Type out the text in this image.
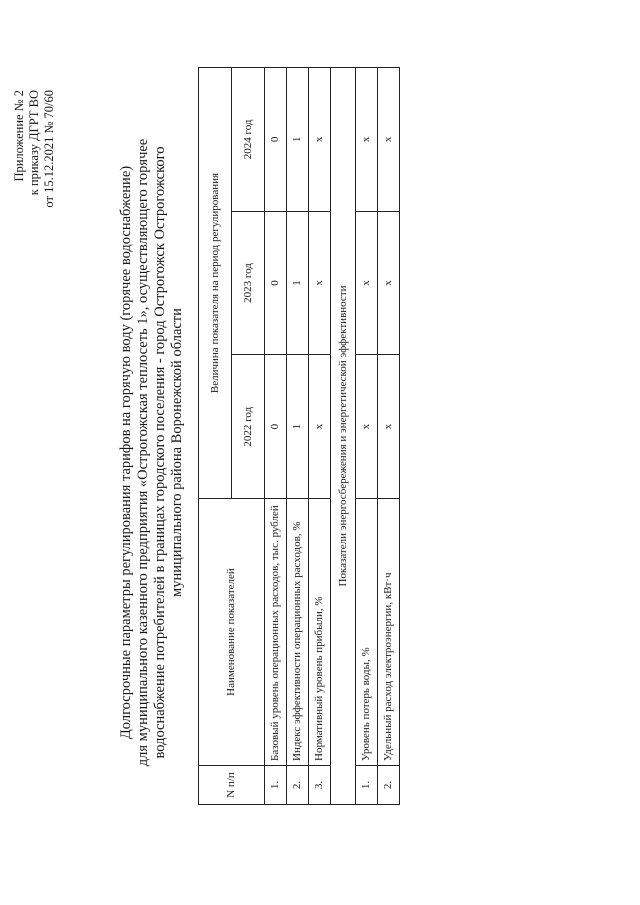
Приложение № 2 к приказу ДГРТ ВО от 15.12.2021 № 70/60
Долгосрочные параметры регулирования тарифов на горячую воду (горячее водоснабжение) для муниципального казенного предприятия «Острогожская теплосеть 1», осуществляющего горячее водоснабжение потребителей в границах городского поселения - город Острогожск Острогожского муниципального района Воронежской области
N п/п	Наименование показателей	Величина показателя на период регулирования		
		2022 год	2023 год	2024 год
1.	Базовый уровень операционных расходов, тыс. рублей	0	0	0
2.	Индекс эффективности операционных расходов, %	1	1	1
3.	Нормативный уровень прибыли, %	x	x	x
Показатели энергосбережения и энергетической эффективности				
1.	Уровень потерь воды, %	x	x	x
2.	Удельный расход электроэнергии, кВт·ч	x	x	x
